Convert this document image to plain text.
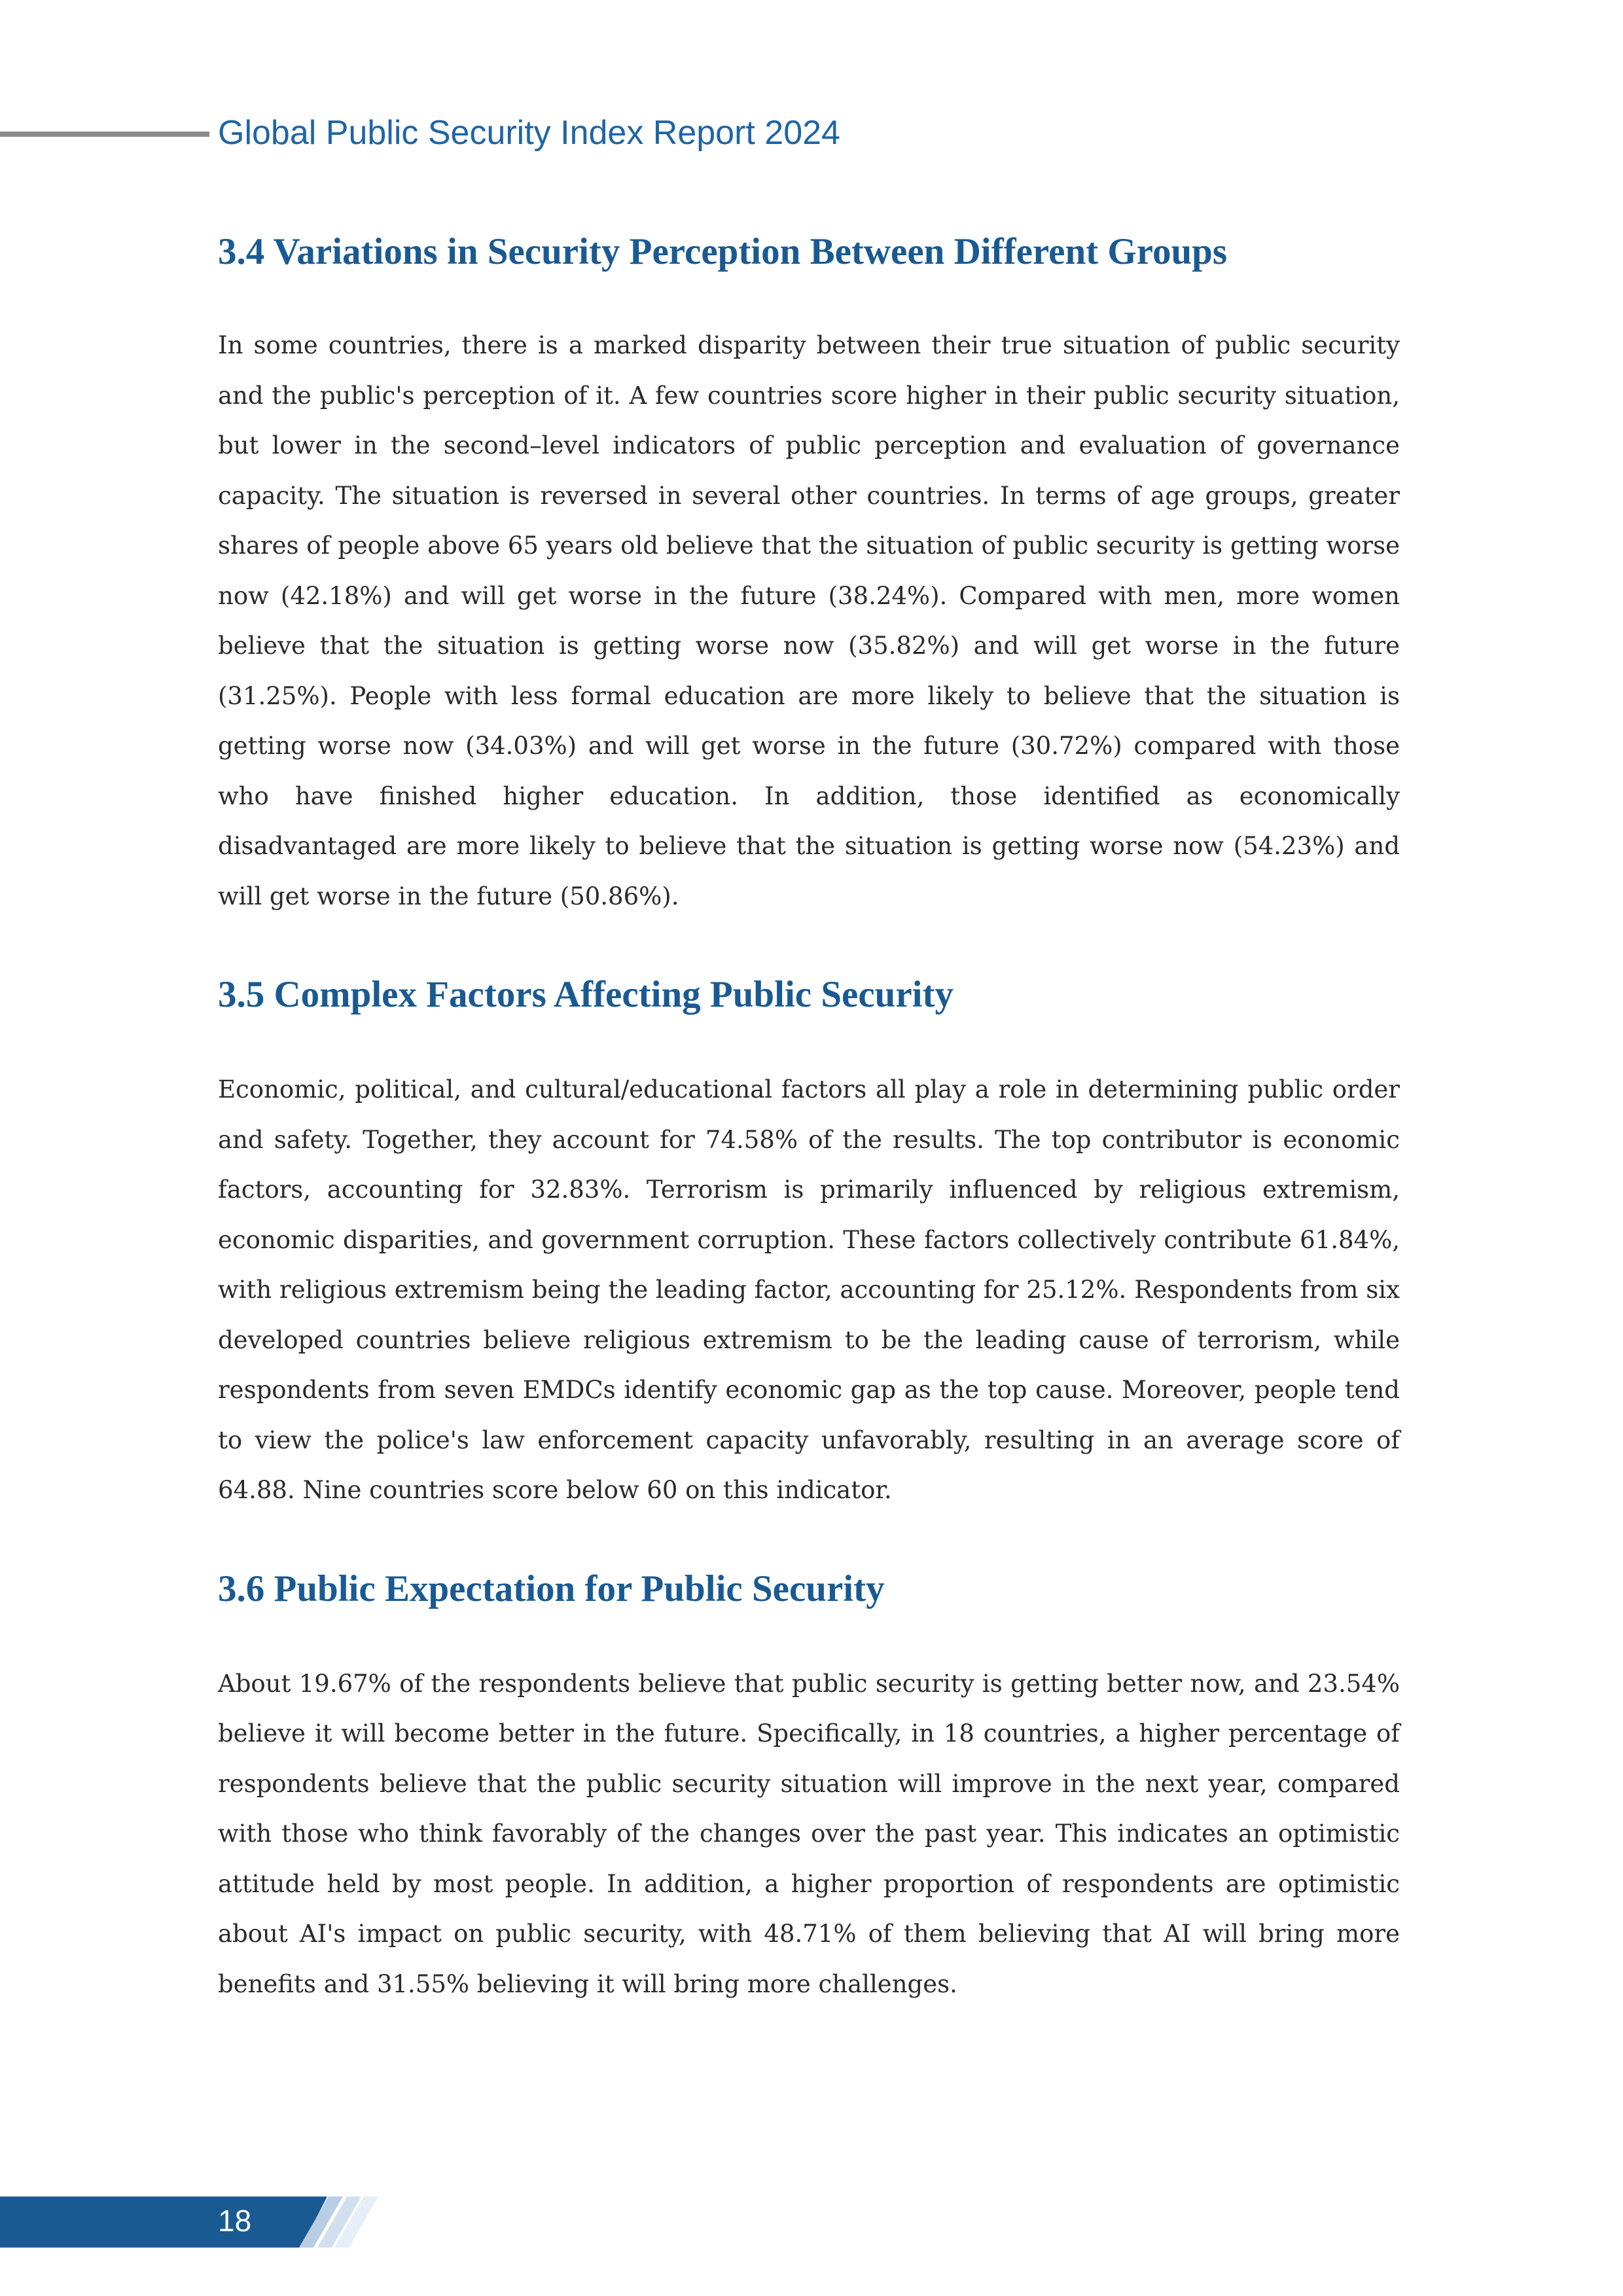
Global Public Security Index Report 2024
3.4 Variations in Security Perception Between Different Groups

In some countries, there is a marked disparity between their true situation of public security and the public's perception of it. A few countries score higher in their public security situation, but lower in the second–level indicators of public perception and evaluation of governance capacity. The situation is reversed in several other countries. In terms of age groups, greater shares of people above 65 years old believe that the situation of public security is getting worse now (42.18%) and will get worse in the future (38.24%). Compared with men, more women believe that the situation is getting worse now (35.82%) and will get worse in the future (31.25%). People with less formal education are more likely to believe that the situation is getting worse now (34.03%) and will get worse in the future (30.72%) compared with those who have finished higher education. In addition, those identified as economically disadvantaged are more likely to believe that the situation is getting worse now (54.23%) and will get worse in the future (50.86%).

3.5 Complex Factors Affecting Public Security

Economic, political, and cultural/educational factors all play a role in determining public order and safety. Together, they account for 74.58% of the results. The top contributor is economic factors, accounting for 32.83%. Terrorism is primarily influenced by religious extremism, economic disparities, and government corruption. These factors collectively contribute 61.84%, with religious extremism being the leading factor, accounting for 25.12%. Respondents from six developed countries believe religious extremism to be the leading cause of terrorism, while respondents from seven EMDCs identify economic gap as the top cause. Moreover, people tend to view the police's law enforcement capacity unfavorably, resulting in an average score of 64.88. Nine countries score below 60 on this indicator.

3.6 Public Expectation for Public Security

About 19.67% of the respondents believe that public security is getting better now, and 23.54% believe it will become better in the future. Specifically, in 18 countries, a higher percentage of respondents believe that the public security situation will improve in the next year, compared with those who think favorably of the changes over the past year. This indicates an optimistic attitude held by most people. In addition, a higher proportion of respondents are optimistic about AI's impact on public security, with 48.71% of them believing that AI will bring more benefits and 31.55% believing it will bring more challenges.

18
